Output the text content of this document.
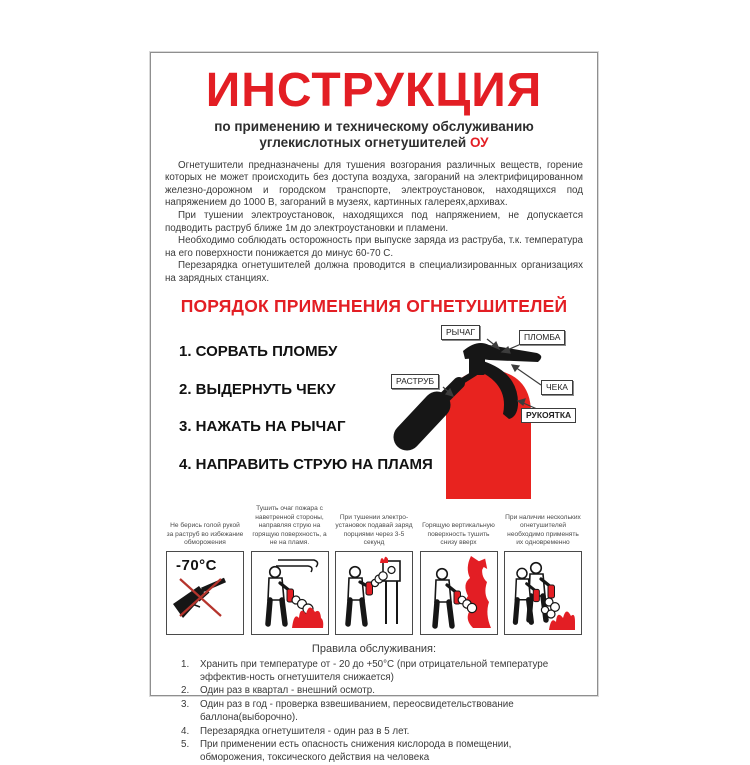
ИНСТРУКЦИЯ
по применению и техническому обслуживанию
углекислотных огнетушителей ОУ

Огнетушители предназначены для тушения возгорания различных веществ, горение которых не может происходить без доступа воздуха, загораний на электрифицированном железно-дорожном и городском транспорте, электроустановок, находящихся под напряжением до 1000 В, загораний в музеях, картинных галереях,архивах.

При тушении электроустановок, находящихся под напряжением, не допускается подводить раструб ближе 1м до электроустановки и пламени.

Необходимо соблюдать осторожность при выпуске заряда из раструба, т.к. температура на его поверхности понижается до минус 60-70 С.

Перезарядка огнетушителей должна проводится в специализированных организациях на зарядных станциях.

ПОРЯДОК ПРИМЕНЕНИЯ ОГНЕТУШИТЕЛЕЙ
1. СОРВАТЬ ПЛОМБУ
2. ВЫДЕРНУТЬ ЧЕКУ
3. НАЖАТЬ НА РЫЧАГ
4. НАПРАВИТЬ СТРУЮ НА ПЛАМЯ
РЫЧАГ	ПЛОМБА
РАСТРУБ
ЧЕКА
РУКОЯТКА
Не берись голой рукой за раструб во избежание обморожения
Тушить очаг пожара с наветренной стороны, направляя струю на горящую поверхность, а не на пламя.
При тушении электро-установок подавай заряд порциями через 3-5 секунд
Горящую вертикальную поверхность тушить снизу вверх
При наличии нескольких огнетушителей необходимо применять их одновременно
-70°C
Правила обслуживания:
1.	Хранить при температуре от - 20 до +50°C (при отрицательной температуре эффектив-ность огнетушителя снижается)
2.	Один раз в квартал - внешний осмотр.
3.	Один раз в год - проверка взвешиванием, переосвидетельствование баллона(выборочно).
4.	Перезарядка огнетушителя - один раз в 5 лет.
5.	При применении есть опасность снижения кислорода в помещении, обморожения, токсического действия на человека
